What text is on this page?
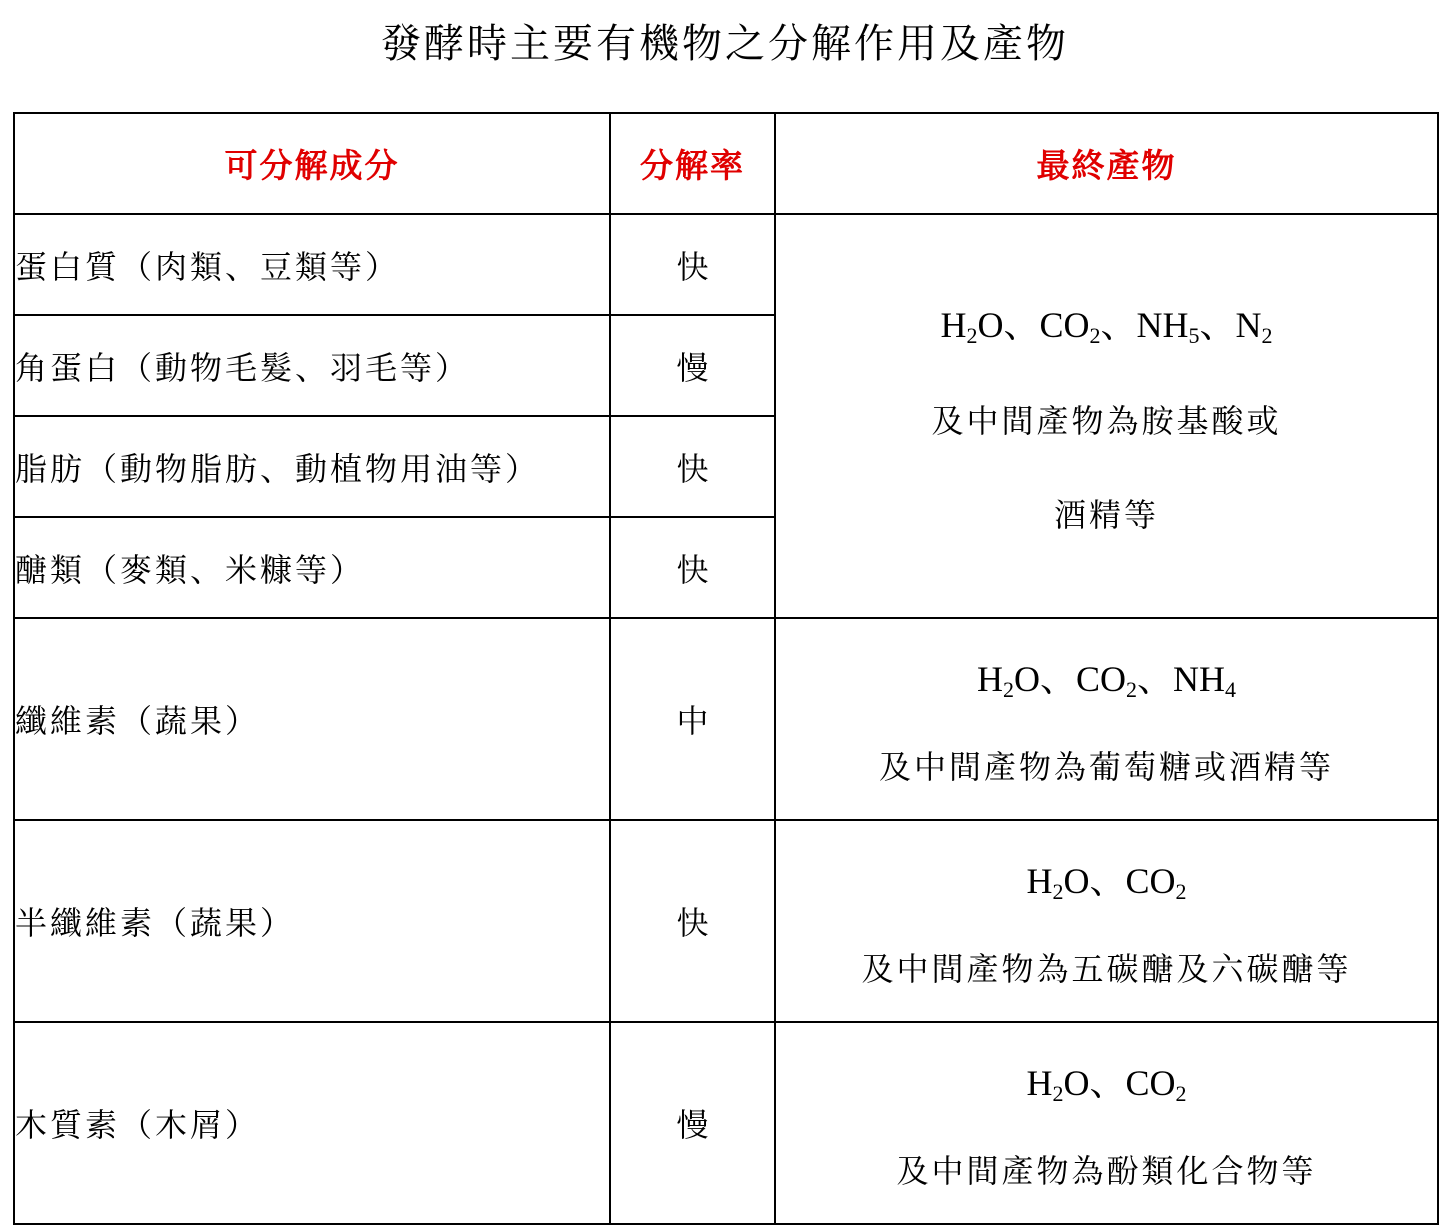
發酵時主要有機物之分解作用及產物
可分解成分	分解率	最終產物
蛋白質（肉類、豆類等）	快	$H_2O$、$CO_2$、$NH_5$、$N_2$
及中間產物為胺基酸或
酒精等

角蛋白（動物毛髮、羽毛等）	慢	
脂肪（動物脂肪、動植物用油等）	快	
醣類（麥類、米糠等）	快	
纖維素（蔬果）	中	$H_2O$、$CO_2$、$NH_4$
及中間產物為葡萄糖或酒精等

半纖維素（蔬果）	快	$H_2O$、$CO_2$
及中間產物為五碳醣及六碳醣等

木質素（木屑）	慢	$H_2O$、$CO_2$
及中間產物為酚類化合物等
